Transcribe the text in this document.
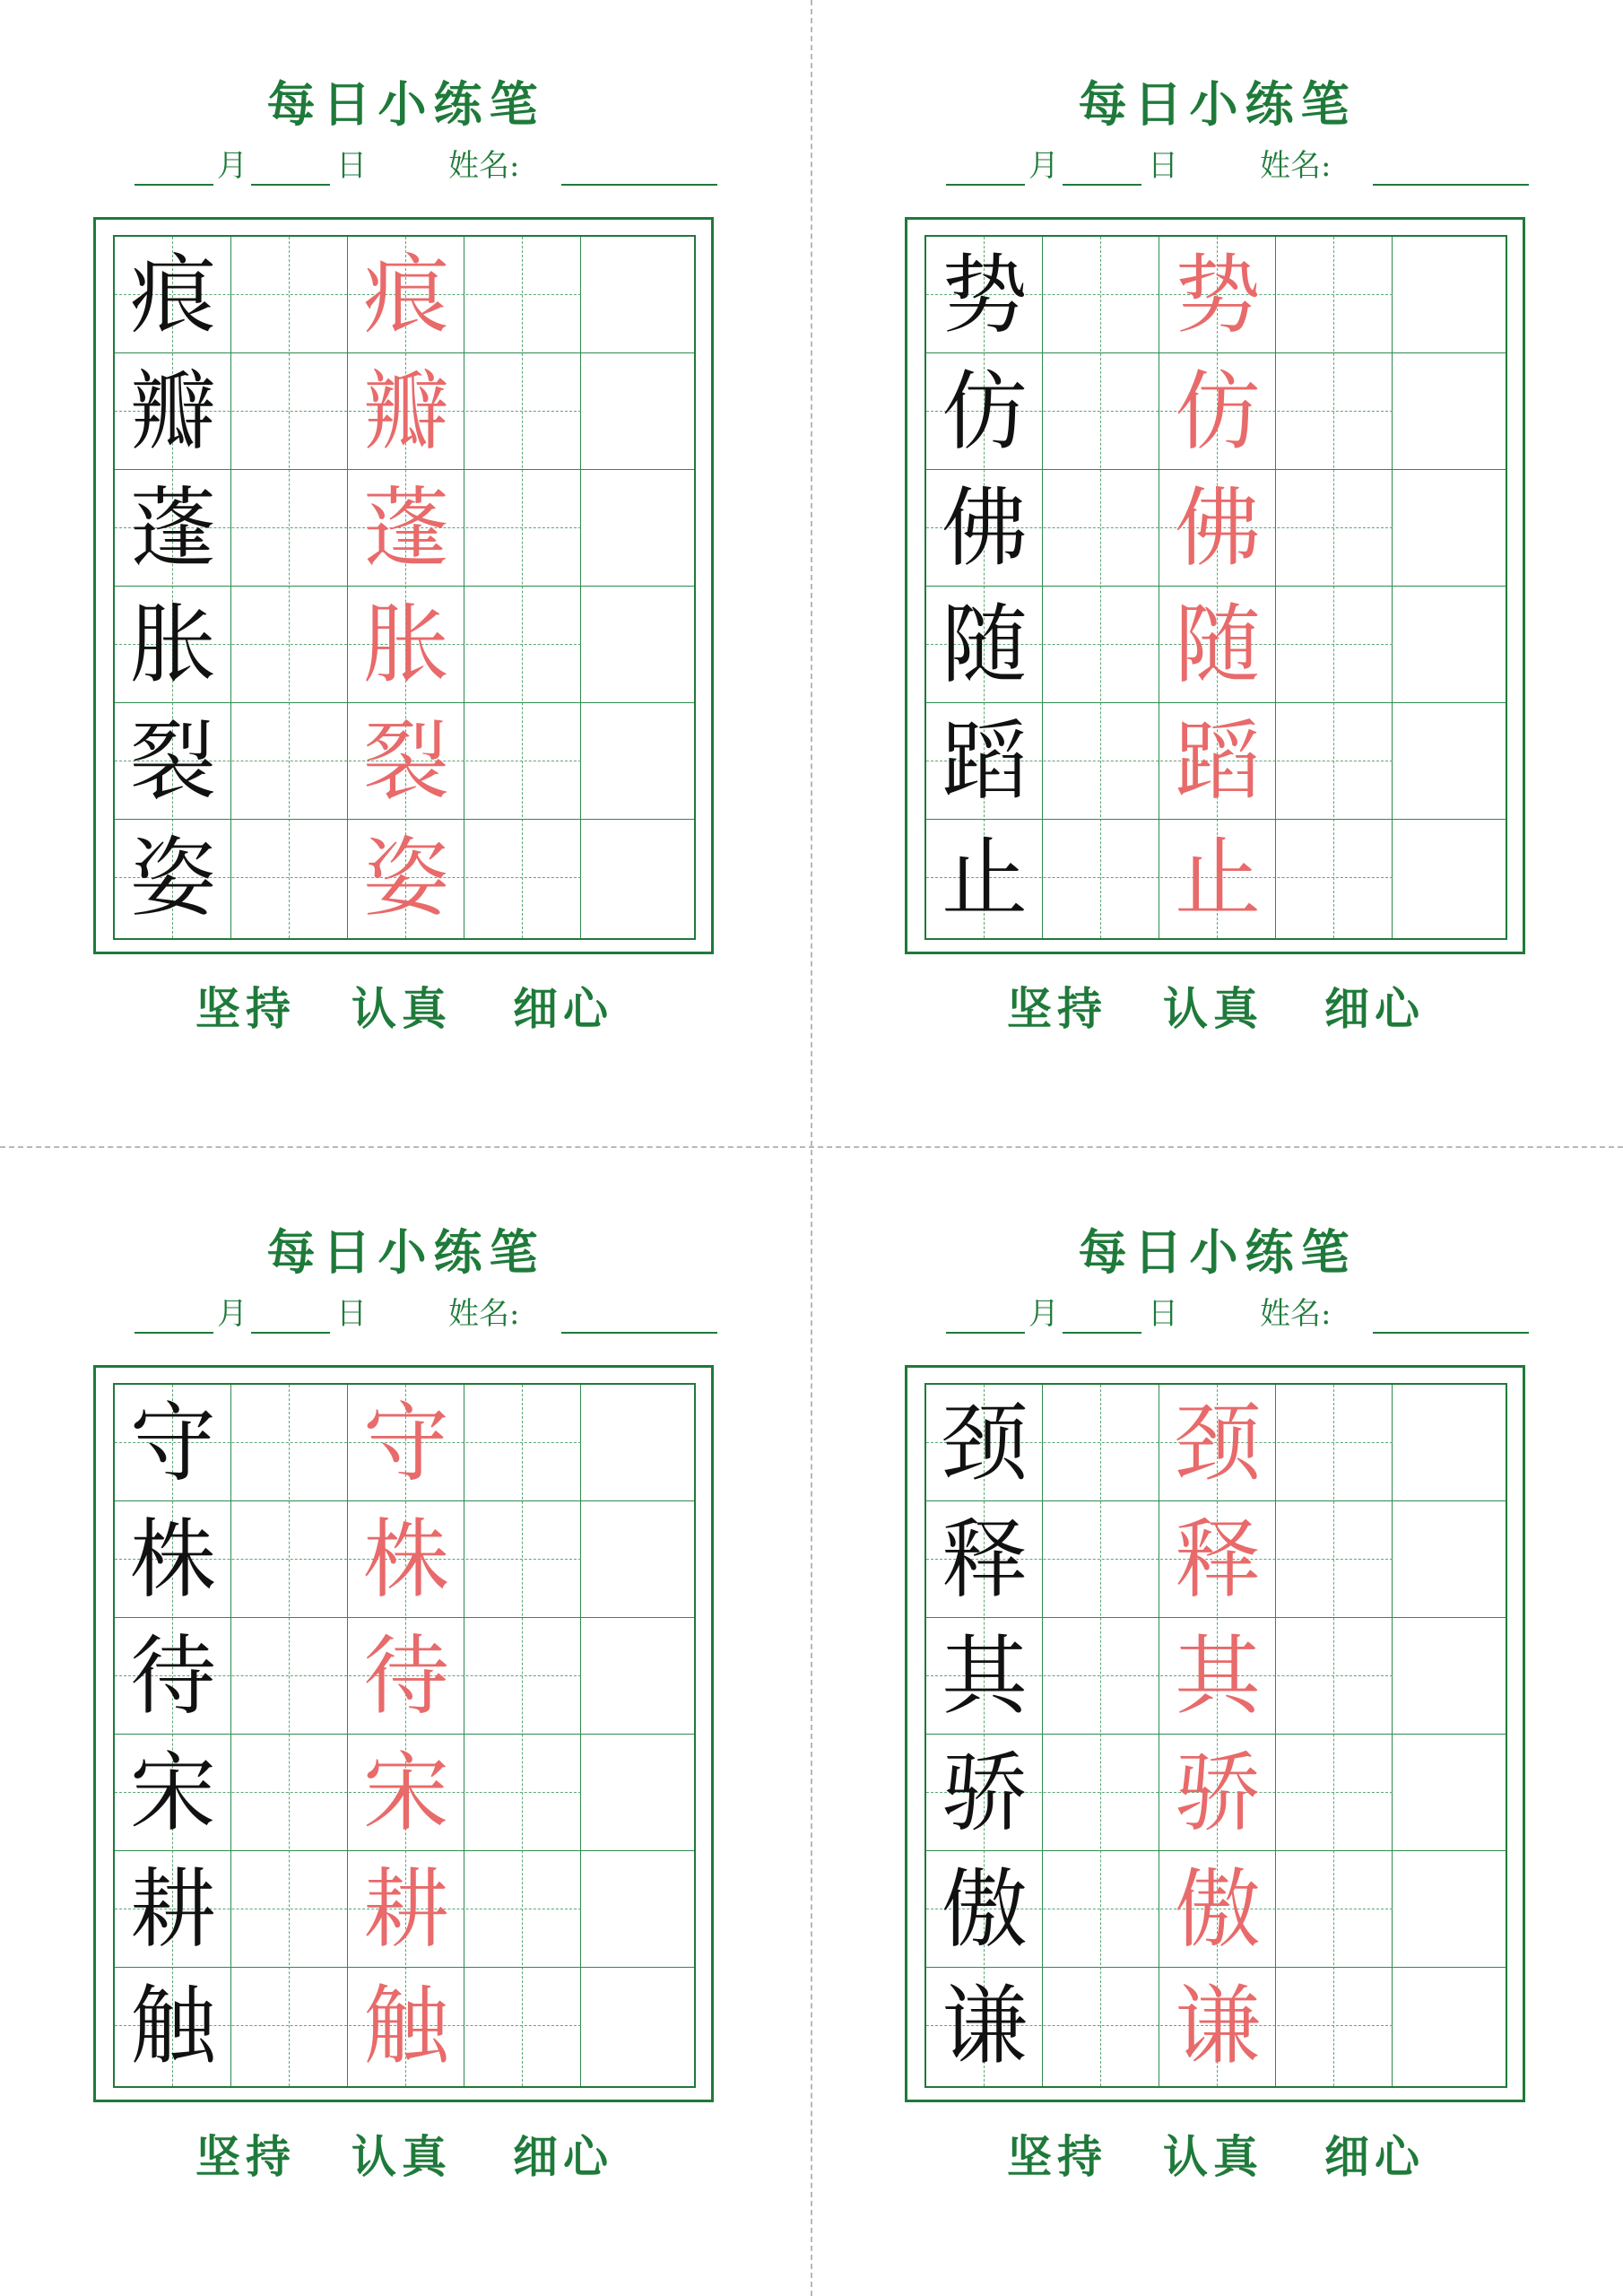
每日小练笔
月	日	姓名:
痕 痕
瓣 瓣
蓬 蓬
胀 胀
裂 裂
姿 姿
坚持 认真 细心
每日小练笔
月	日	姓名:
势 势
仿 仿
佛 佛
随 随
蹈 蹈
止 止
坚持 认真 细心
每日小练笔
月	日	姓名:
守 守
株 株
待 待
宋 宋
耕 耕
触 触
坚持 认真 细心
每日小练笔
月	日	姓名:
颈 颈
释 释
其 其
骄 骄
傲 傲
谦 谦
坚持 认真 细心
